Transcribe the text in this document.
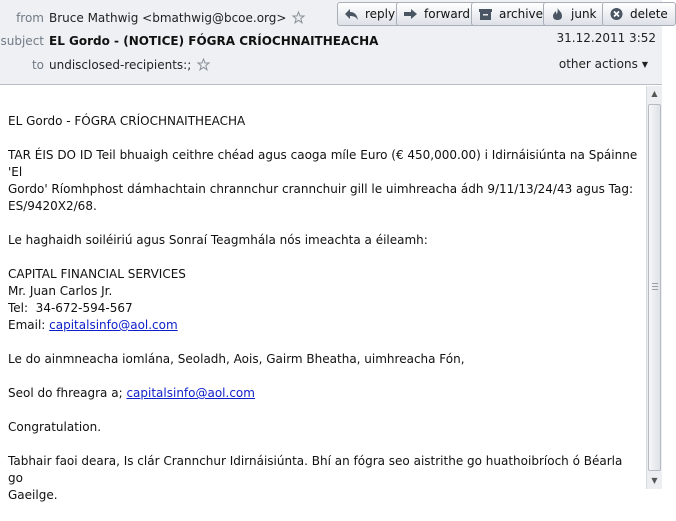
from Bruce Mathwig <bmathwig@bcoe.org>
subject EL Gordo - (NOTICE) FÓGRA CRÍOCHNAITHEACHA
to undisclosed-recipients:;
reply	forward	archive	junk	delete
31.12.2011 3:52
other actions ▼

EL Gordo - FÓGRA CRÍOCHNAITHEACHA

TAR ÉIS DO ID Teil bhuaigh ceithre chéad agus caoga míle Euro (€ 450,000.00) i Idirnáisiúnta na Spáinne 'El
Gordo' Ríomhphost dámhachtain chrannchur crannchuir gill le uimhreacha ádh 9/11/13/24/43 agus Tag:
ES/9420X2/68.

Le haghaidh soiléiriú agus Sonraí Teagmhála nós imeachta a éileamh:

CAPITAL FINANCIAL SERVICES
Mr. Juan Carlos Jr.
Tel:  34-672-594-567
Email: capitalsinfo@aol.com

Le do ainmneacha iomlána, Seoladh, Aois, Gairm Bheatha, uimhreacha Fón,

Seol do fhreagra a; capitalsinfo@aol.com

Congratulation.

Tabhair faoi deara, Is clár Crannchur Idirnáisiúnta. Bhí an fógra seo aistrithe go huathoibríoch ó Béarla go
Gaeilge.

▲
▼
